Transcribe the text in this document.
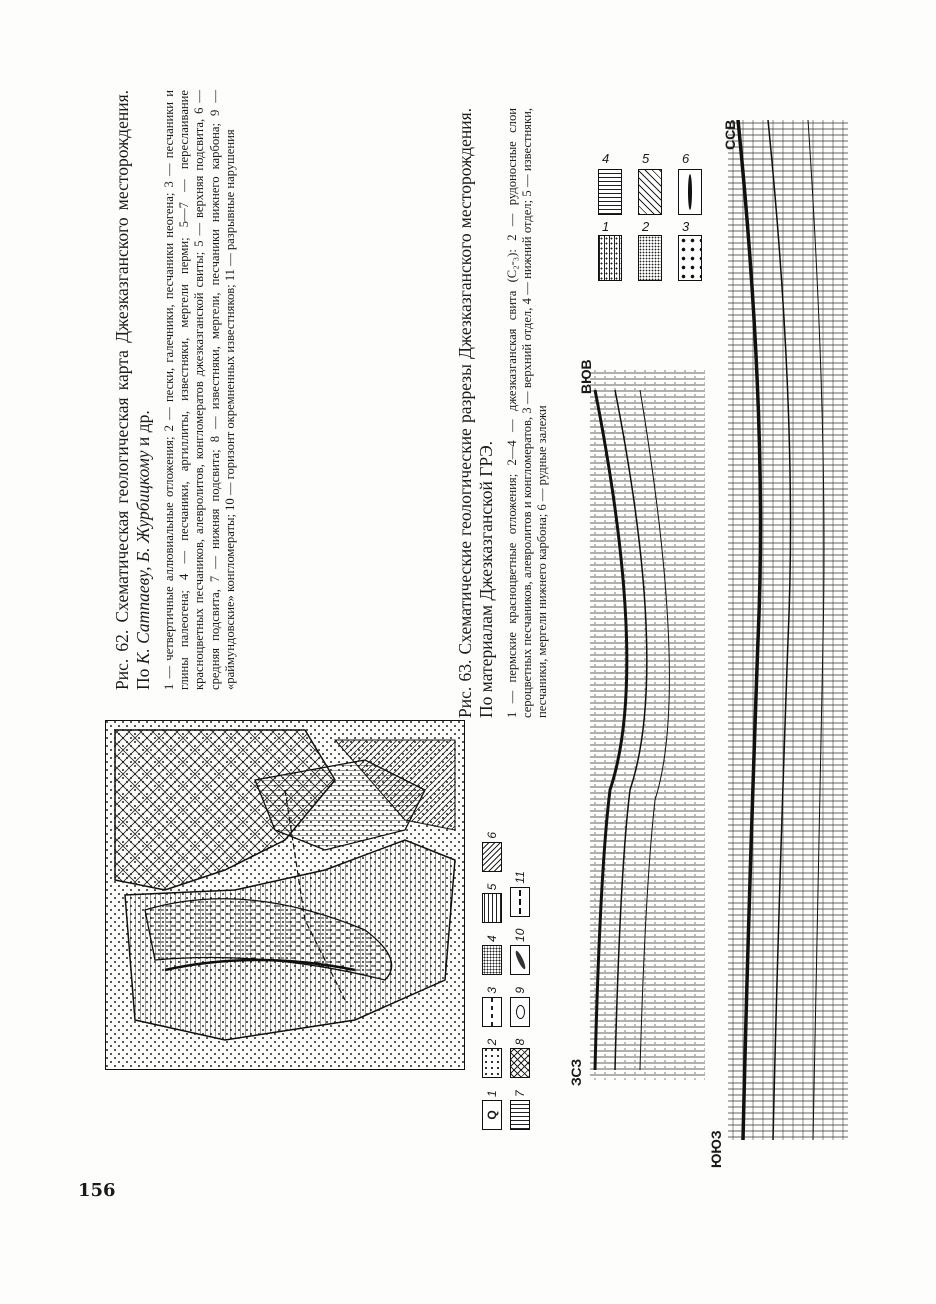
156
Q
1
2
3
4
5
6
7
8
9
10
11

Рис. 62. Схематическая геологическая карта Джезказганского месторождения. По К. Сатпаеву, Б. Журбицкому и др. 1 — четвертичные аллювиальные отложения; 2 — пески, галечники, песчаники неогена; 3 — песчаники и глины палеогена; 4 — песчаники, аргиллиты, известняки, мергели перми; 5—7 — переслаивание красноцветных песчаников, алевролитов, конгломератов джезказганской свиты; 5 — верхняя подсвита, 6 — средняя подсвита, 7 — нижняя подсвита; 8 — известняки, мергели, песчаники нижнего карбона; 9 — «раймундовские» конгломераты; 10 — горизонт окремненных известняков; 11 — разрывные нарушения	Рис. 63. Схематические геологические разрезы Джезказганского месторождения. По материалам Джезказганской ГРЭ. 1 — пермские красноцветные отложения; 2—4 — джезказганская свита (C₂-₃): 2 — рудоносные слои сероцветных песчаников, алевролитов и конгломератов, 3 — верхний отдел, 4 — нижний отдел; 5 — известняки, песчаники, мергели нижнего карбона; 6 — рудные залежи

1	2	3
4	5	6
ЗСЗ
ВЮВ
ЮЮЗ
ССВ
